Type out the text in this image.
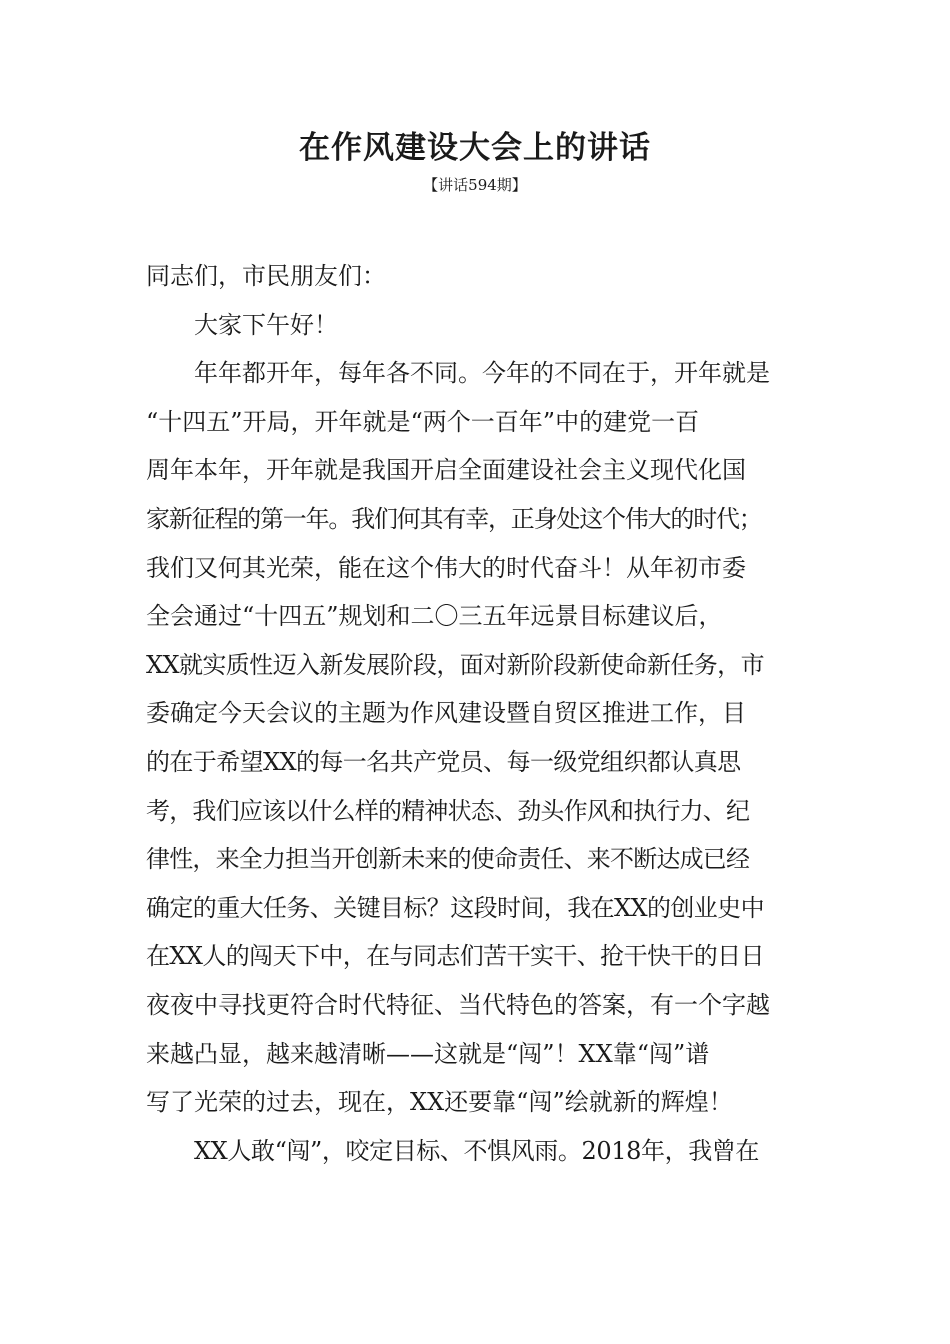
在作风建设大会上的讲话
【讲话594期】
同志们，市民朋友们：
大家下午好！
年年都开年，每年各不同。今年的不同在于，开年就是
“十四五”开局，开年就是“两个一百年”中的建党一百
周年本年，开年就是我国开启全面建设社会主义现代化国
家新征程的第一年。我们何其有幸，正身处这个伟大的时代；
我们又何其光荣，能在这个伟大的时代奋斗！从年初市委
全会通过“十四五”规划和二〇三五年远景目标建议后，
XX就实质性迈入新发展阶段，面对新阶段新使命新任务，市
委确定今天会议的主题为作风建设暨自贸区推进工作，目
的在于希望XX的每一名共产党员、每一级党组织都认真思
考，我们应该以什么样的精神状态、劲头作风和执行力、纪
律性，来全力担当开创新未来的使命责任、来不断达成已经
确定的重大任务、关键目标？这段时间，我在XX的创业史中
在XX人的闯天下中，在与同志们苦干实干、抢干快干的日日
夜夜中寻找更符合时代特征、当代特色的答案，有一个字越
来越凸显，越来越清晰——这就是“闯”！XX靠“闯”谱
写了光荣的过去，现在，XX还要靠“闯”绘就新的辉煌！
XX人敢“闯”，咬定目标、不惧风雨。2018年，我曾在
